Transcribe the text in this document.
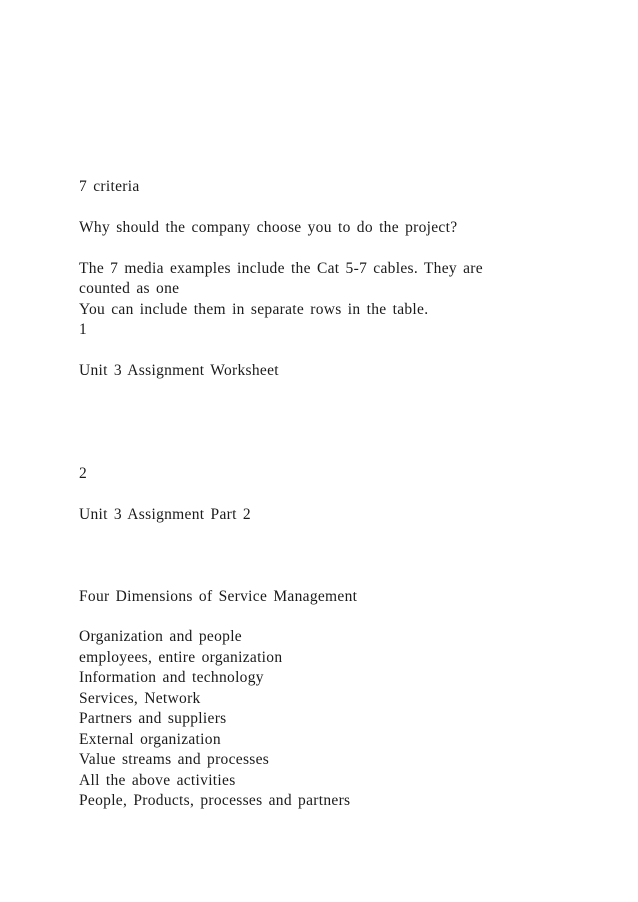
7 criteria
Why should the company choose you to do the project?
The 7 media examples include the Cat 5-7 cables. They are
counted as one
You can include them in separate rows in the table.
1
Unit 3 Assignment Worksheet
2
Unit 3 Assignment Part 2
Four Dimensions of Service Management
Organization and people
employees, entire organization
Information and technology
Services, Network
Partners and suppliers
External organization
Value streams and processes
All the above activities
People, Products, processes and partners
